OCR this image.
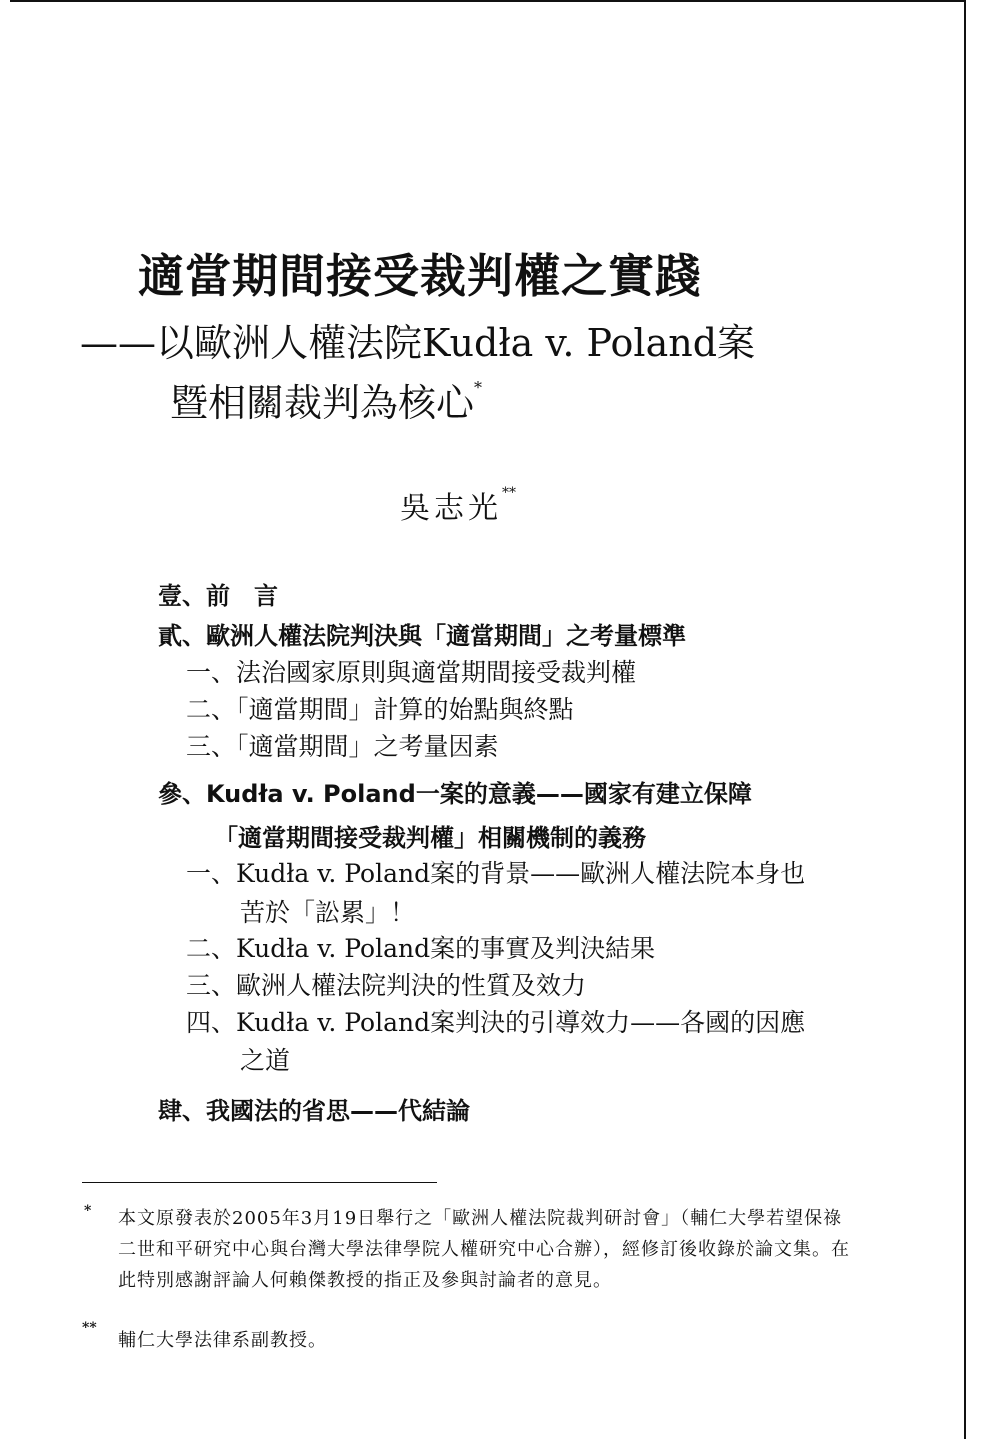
適當期間接受裁判權之實踐
——以歐洲人權法院Kudła v. Poland案
暨相關裁判為核心*
吳志光**
壹、前　言
貳、歐洲人權法院判決與「適當期間」之考量標準
一、法治國家原則與適當期間接受裁判權
二、「適當期間」計算的始點與終點
三、「適當期間」之考量因素
參、Kudła v. Poland一案的意義——國家有建立保障
「適當期間接受裁判權」相關機制的義務
一、Kudła v. Poland案的背景——歐洲人權法院本身也
苦於「訟累」！
二、Kudła v. Poland案的事實及判決結果
三、歐洲人權法院判決的性質及效力
四、Kudła v. Poland案判決的引導效力——各國的因應
之道
肆、我國法的省思——代結論
* 本文原發表於2005年3月19日舉行之「歐洲人權法院裁判研討會」（輔仁大學若望保祿二世和平研究中心與台灣大學法律學院人權研究中心合辦），經修訂後收錄於論文集。在此特別感謝評論人何賴傑教授的指正及參與討論者的意見。
**
輔仁大學法律系副教授。
